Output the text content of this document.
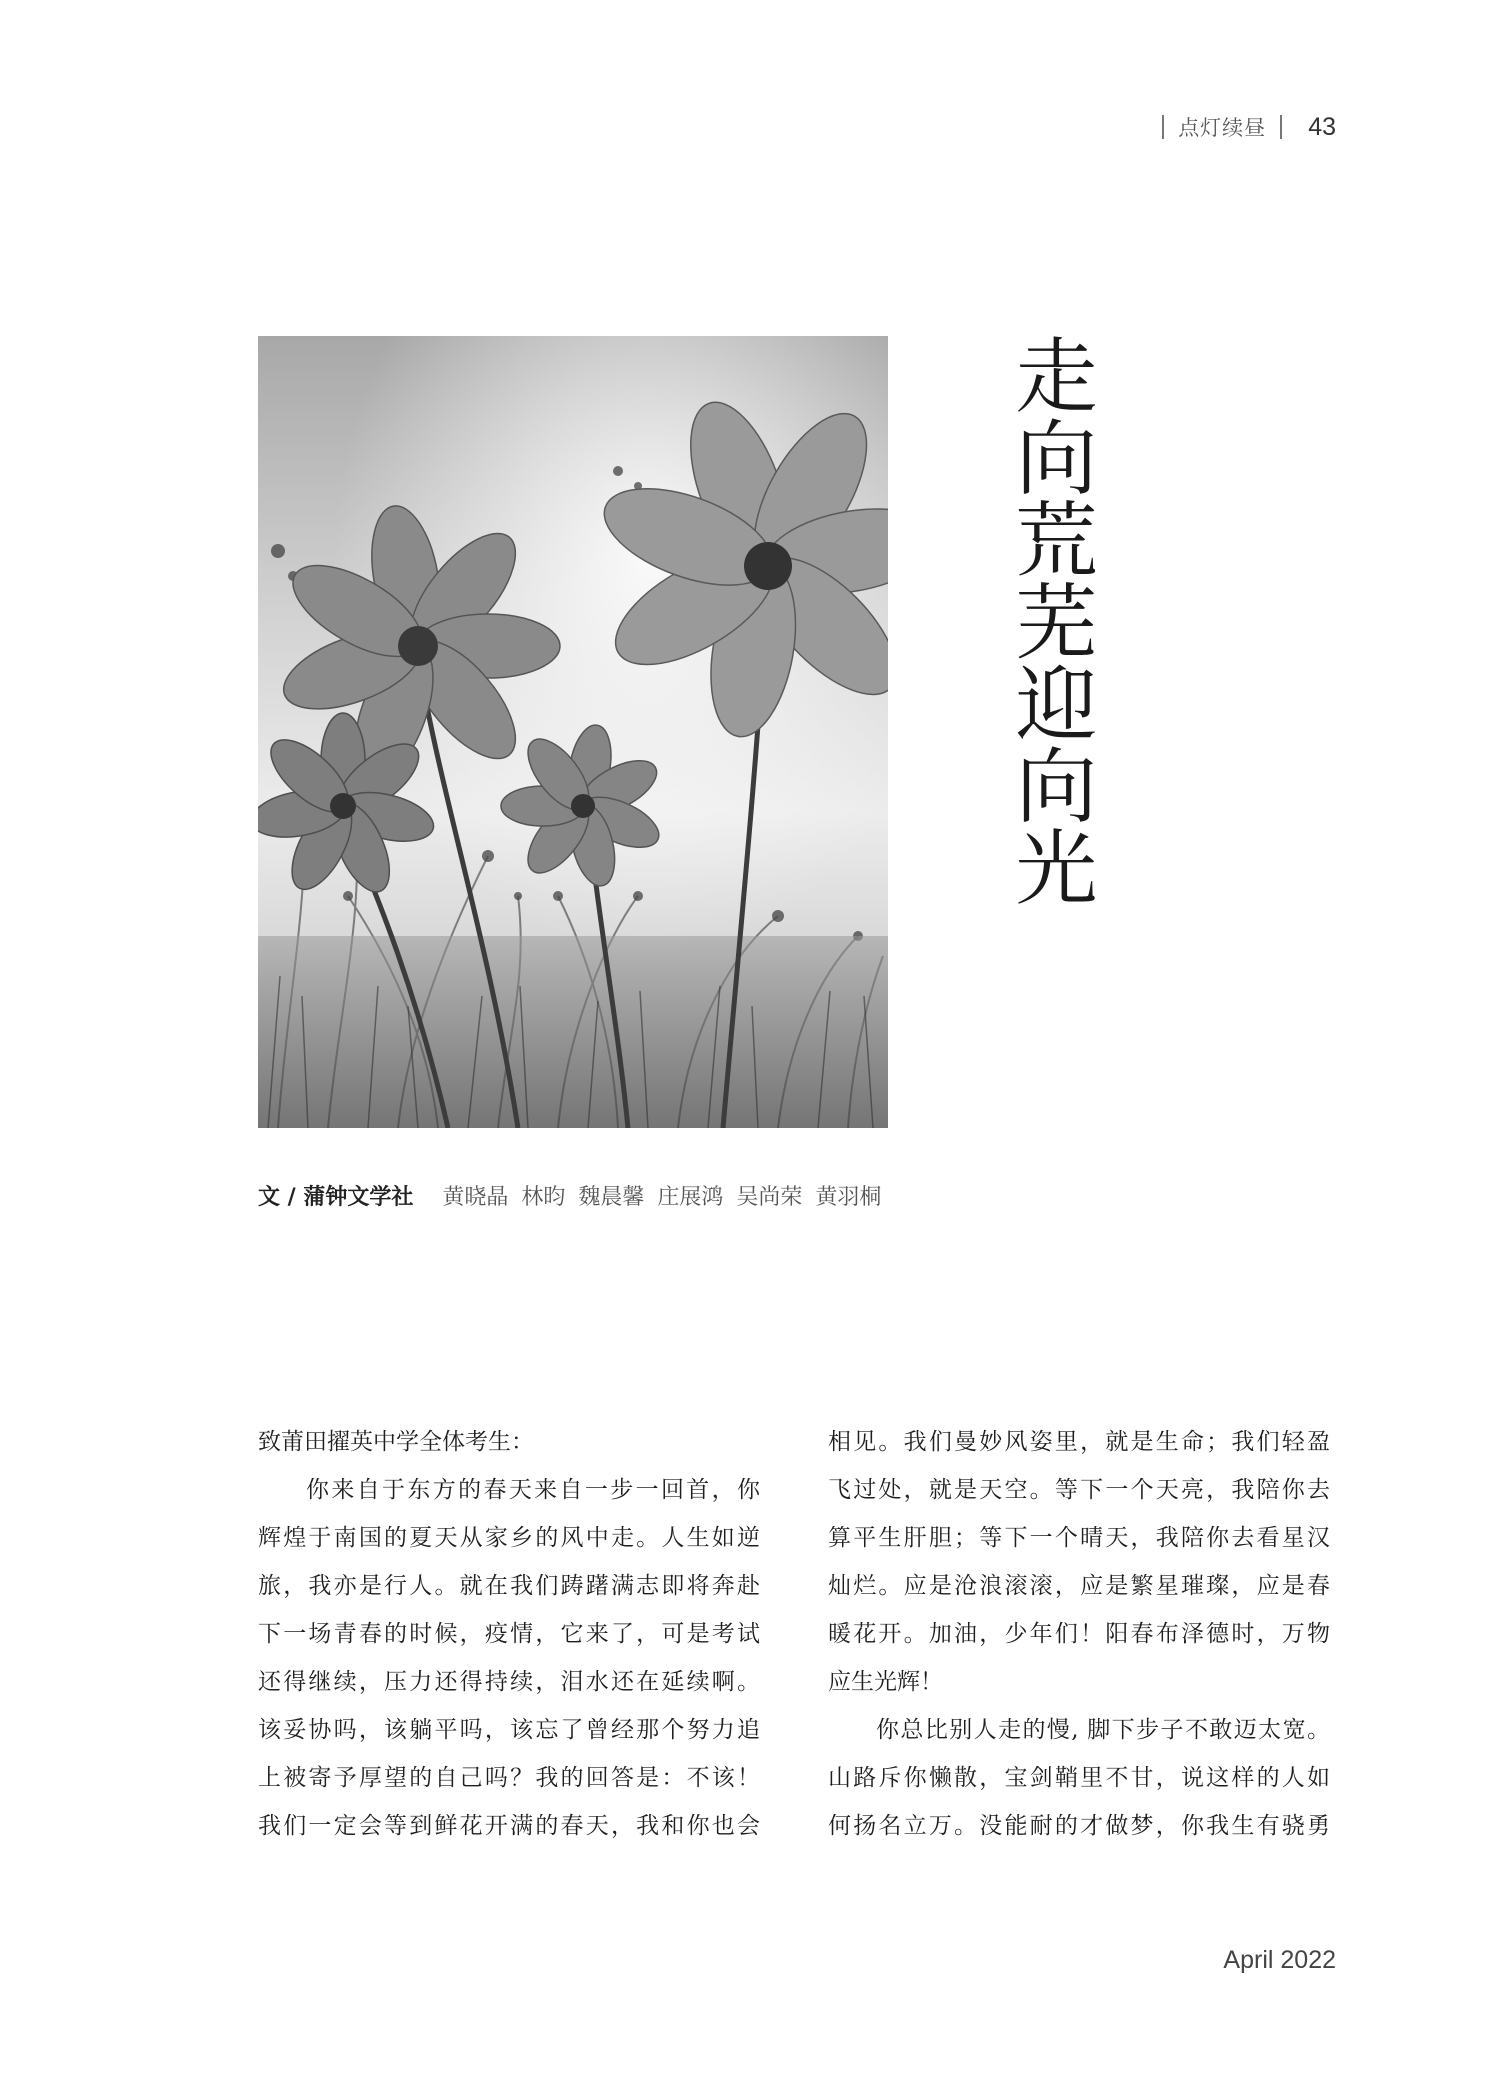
点灯续昼 43
走向荒芜迎向光
文 / 蒲钟文学社 黄晓晶 林昀 魏晨馨 庄展鸿 吴尚荣 黄羽桐
致莆田擢英中学全体考生：
你来自于东方的春天来自一步一回首，你
辉煌于南国的夏天从家乡的风中走。人生如逆
旅，我亦是行人。就在我们踌躇满志即将奔赴
下一场青春的时候，疫情，它来了，可是考试
还得继续，压力还得持续，泪水还在延续啊。
该妥协吗，该躺平吗，该忘了曾经那个努力追
上被寄予厚望的自己吗？我的回答是：不该！
我们一定会等到鲜花开满的春天，我和你也会
相见。我们曼妙风姿里，就是生命；我们轻盈
飞过处，就是天空。等下一个天亮，我陪你去
算平生肝胆；等下一个晴天，我陪你去看星汉
灿烂。应是沧浪滚滚，应是繁星璀璨，应是春
暖花开。加油，少年们！阳春布泽德时，万物
应生光辉！
你总比别人走的慢, 脚下步子不敢迈太宽。
山路斥你懒散，宝剑鞘里不甘，说这样的人如
何扬名立万。没能耐的才做梦，你我生有骁勇
April 2022
